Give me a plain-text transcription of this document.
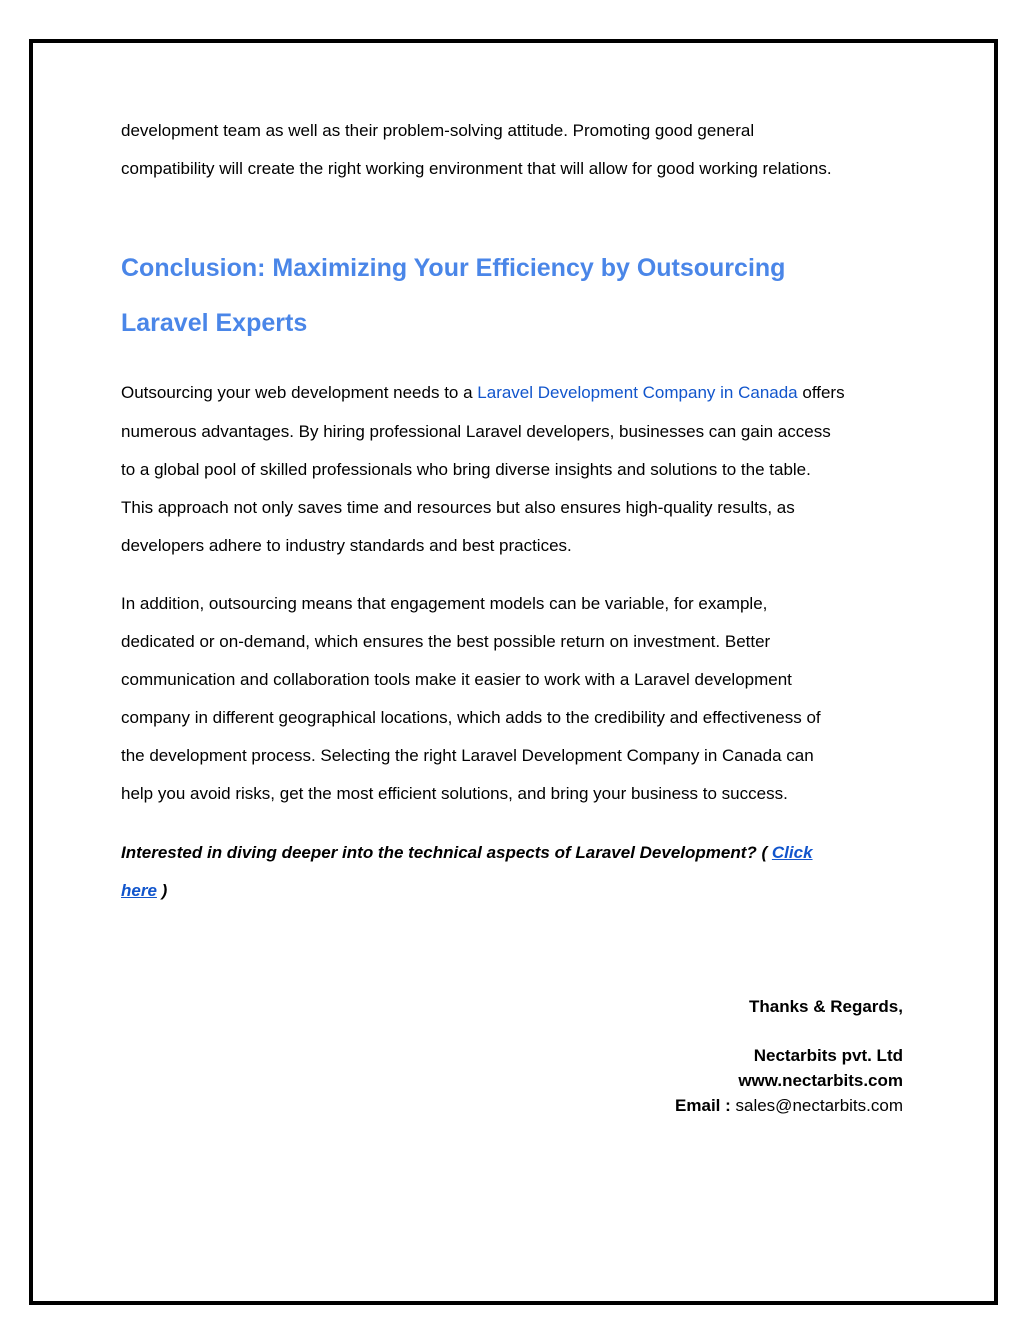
development team as well as their problem-solving attitude. Promoting good general
compatibility will create the right working environment that will allow for good working relations.
Conclusion: Maximizing Your Efficiency by Outsourcing
Laravel Experts
Outsourcing your web development needs to a Laravel Development Company in Canada offers
numerous advantages. By hiring professional Laravel developers, businesses can gain access
to a global pool of skilled professionals who bring diverse insights and solutions to the table.
This approach not only saves time and resources but also ensures high-quality results, as
developers adhere to industry standards and best practices.
In addition, outsourcing means that engagement models can be variable, for example,
dedicated or on-demand, which ensures the best possible return on investment. Better
communication and collaboration tools make it easier to work with a Laravel development
company in different geographical locations, which adds to the credibility and effectiveness of
the development process. Selecting the right Laravel Development Company in Canada can
help you avoid risks, get the most efficient solutions, and bring your business to success.
Interested in diving deeper into the technical aspects of Laravel Development? ( Click
here )
Thanks & Regards,
Nectarbits pvt. Ltd
www.nectarbits.com
Email : sales@nectarbits.com
